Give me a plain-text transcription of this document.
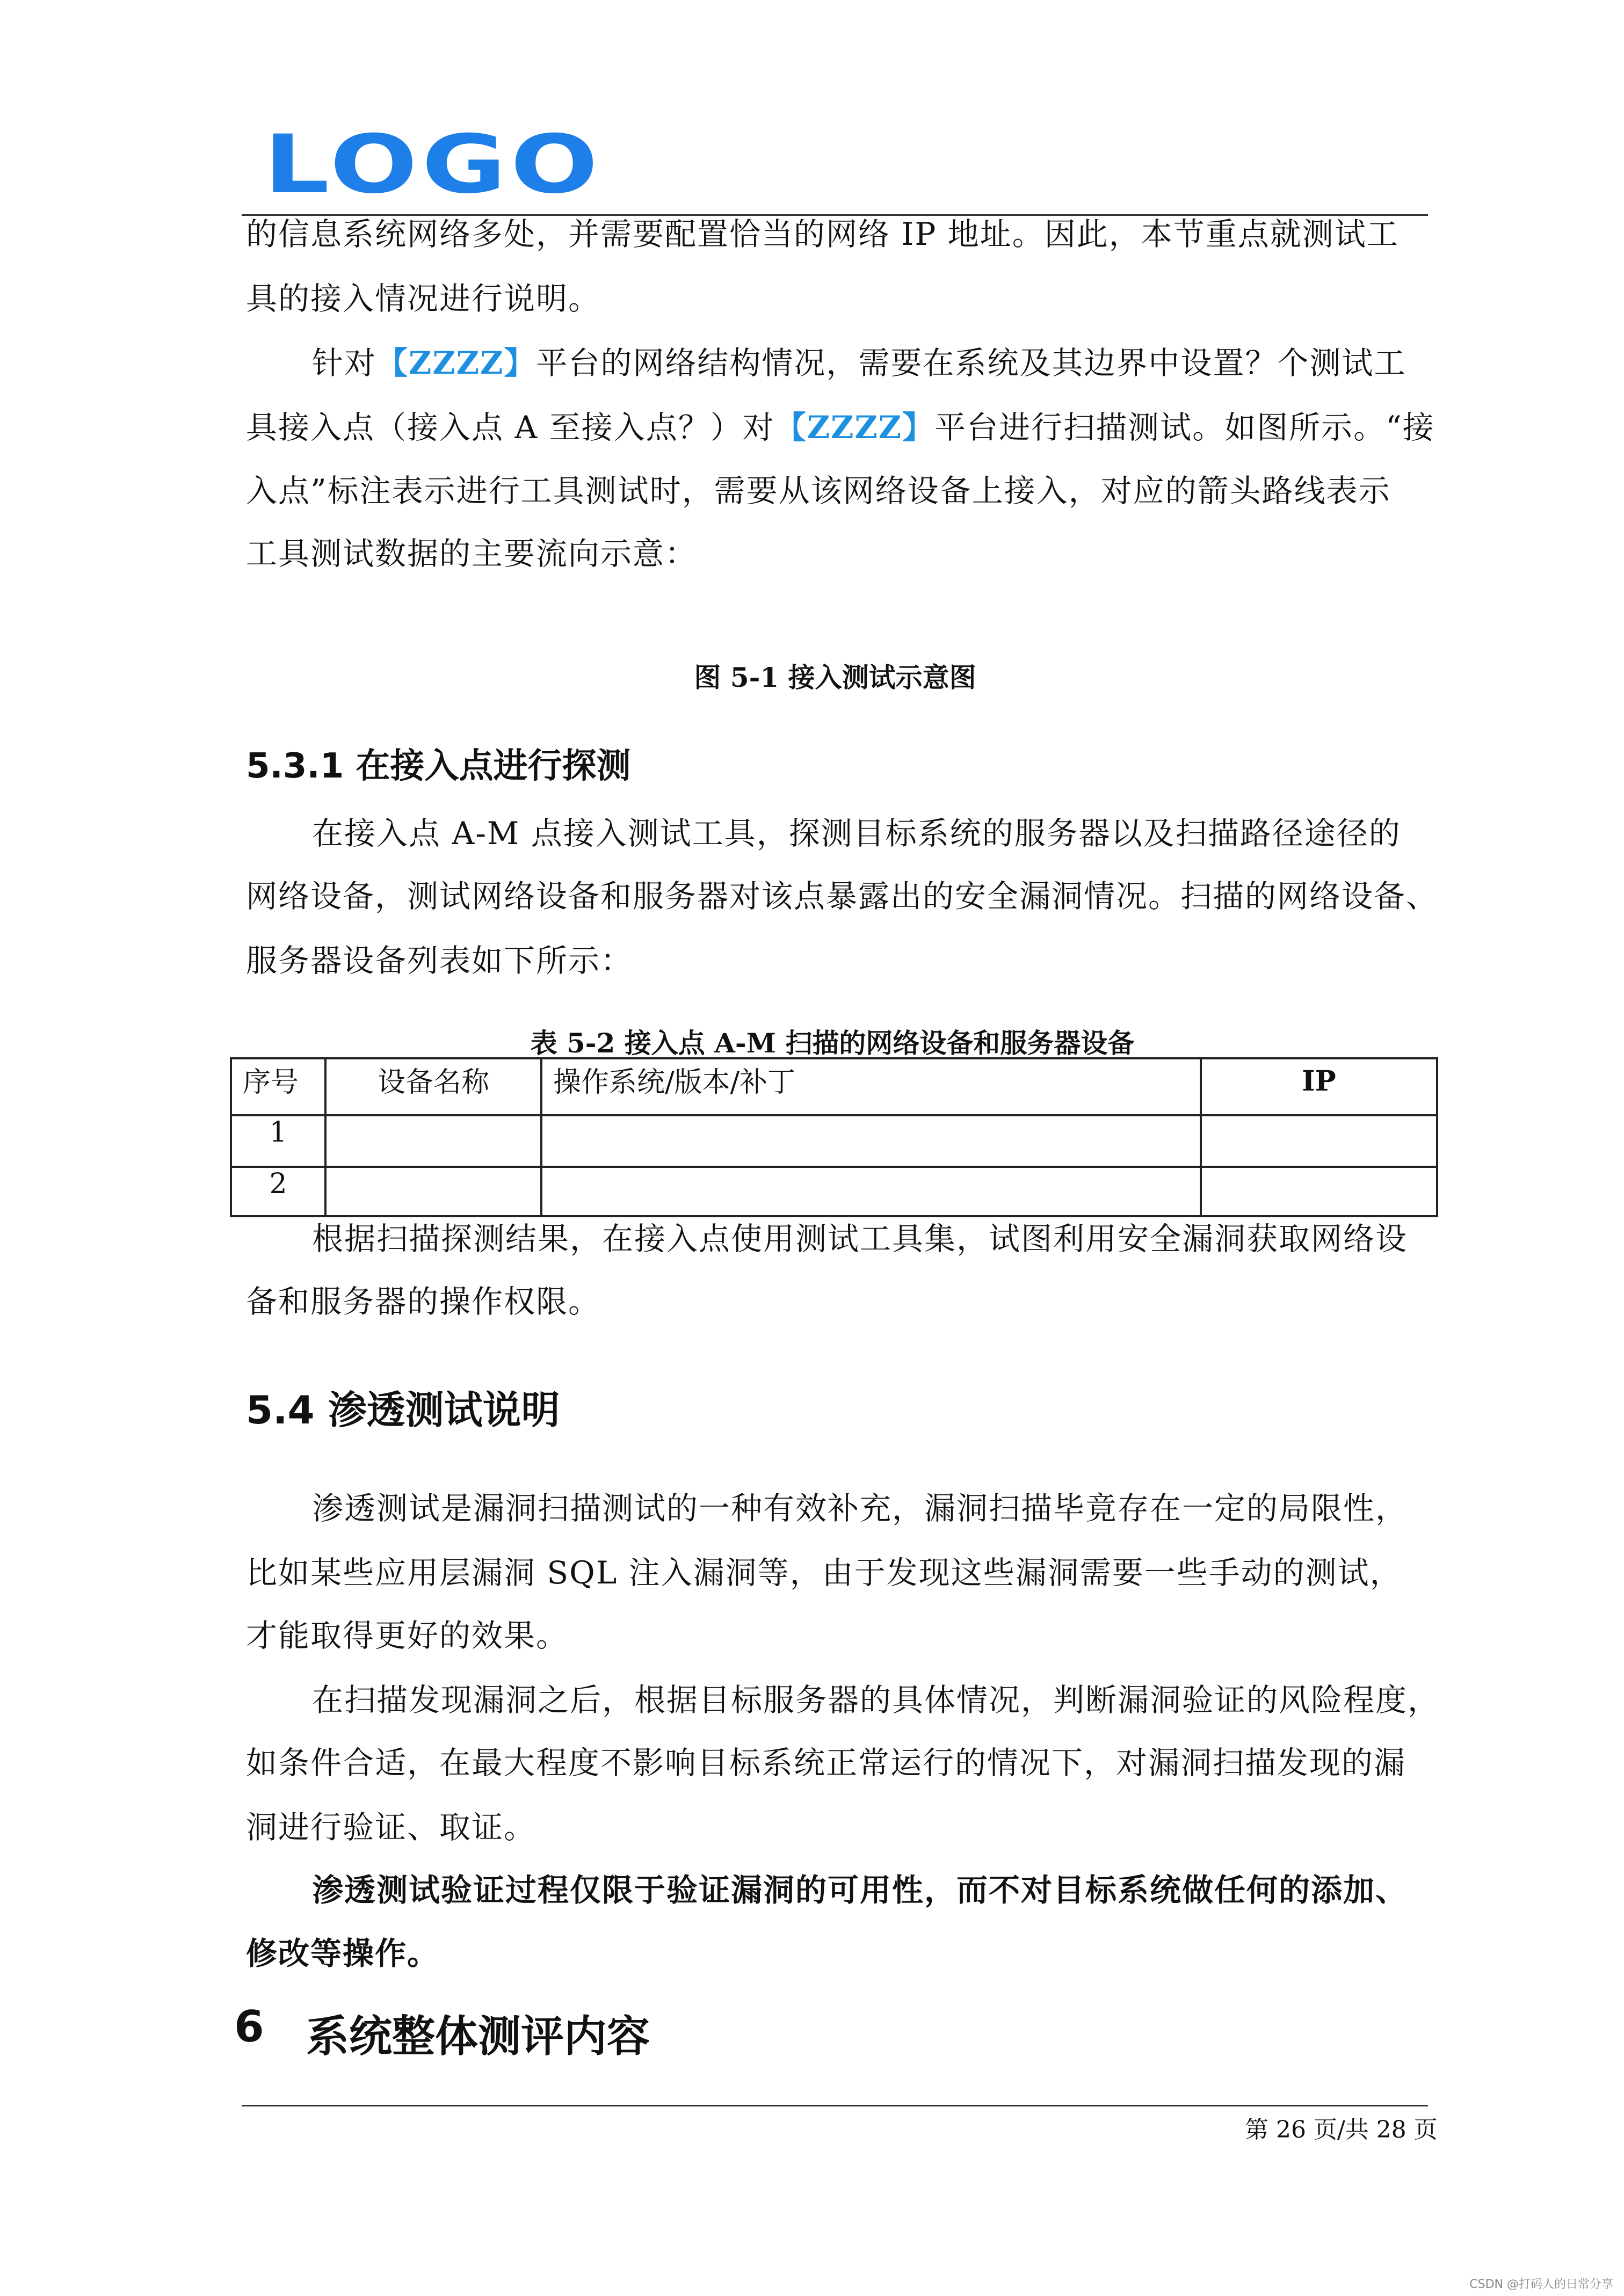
LOGO
的信息系统网络多处，并需要配置恰当的网络 IP 地址。因此，本节重点就测试工
具的接入情况进行说明。
针对【ZZZZ】平台的网络结构情况，需要在系统及其边界中设置？个测试工
具接入点（接入点 A 至接入点？）对【ZZZZ】平台进行扫描测试。如图所示。“接
入点”标注表示进行工具测试时，需要从该网络设备上接入，对应的箭头路线表示
工具测试数据的主要流向示意：
图 5-1 接入测试示意图
5.3.1 在接入点进行探测
在接入点 A-M 点接入测试工具，探测目标系统的服务器以及扫描路径途径的
网络设备，测试网络设备和服务器对该点暴露出的安全漏洞情况。扫描的网络设备、
服务器设备列表如下所示：
表 5-2 接入点 A-M 扫描的网络设备和服务器设备
序号	设备名称	操作系统/版本/补丁	IP
1			
2			
根据扫描探测结果，在接入点使用测试工具集，试图利用安全漏洞获取网络设
备和服务器的操作权限。
5.4 渗透测试说明
渗透测试是漏洞扫描测试的一种有效补充，漏洞扫描毕竟存在一定的局限性，
比如某些应用层漏洞 SQL 注入漏洞等，由于发现这些漏洞需要一些手动的测试，
才能取得更好的效果。
在扫描发现漏洞之后，根据目标服务器的具体情况，判断漏洞验证的风险程度，
如条件合适，在最大程度不影响目标系统正常运行的情况下，对漏洞扫描发现的漏
洞进行验证、取证。
渗透测试验证过程仅限于验证漏洞的可用性，而不对目标系统做任何的添加、
修改等操作。
6 系统整体测评内容
第 26 页/共 28 页
CSDN @打码人的日常分享
